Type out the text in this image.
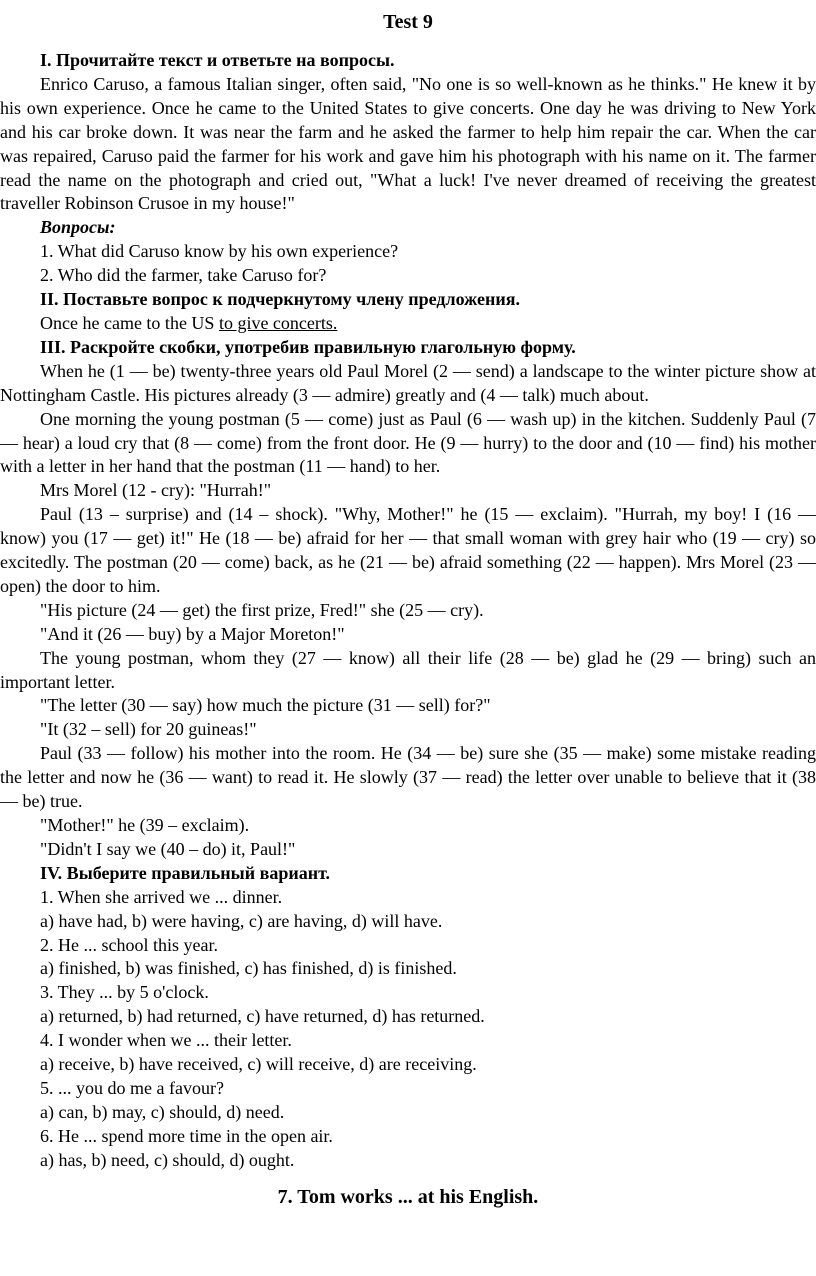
Test 9

I. Прочитайте текст и ответьте на вопросы.

Enrico Caruso, a famous Italian singer, often said, "No one is so well-known as he thinks." He knew it by his own experience. Once he came to the United States to give concerts. One day he was driving to New York and his car broke down. It was near the farm and he asked the farmer to help him repair the car. When the car was repaired, Caruso paid the farmer for his work and gave him his photograph with his name on it. The farmer read the name on the photograph and cried out, "What a luck! I've never dreamed of receiving the greatest traveller Robinson Crusoe in my house!"

Вопросы:

1. What did Caruso know by his own experience?

2. Who did the farmer, take Caruso for?

II. Поставьте вопрос к подчеркнутому члену предложения.

Once he came to the US to give concerts.

III. Раскройте скобки, употребив правильную глагольную форму.

When he (1 — be) twenty-three years old Paul Morel (2 — send) a landscape to the winter picture show at Nottingham Castle. His pictures already (3 — admire) greatly and (4 — talk) much about.

One morning the young postman (5 — come) just as Paul (6 — wash up) in the kitchen. Suddenly Paul (7 — hear) a loud cry that (8 — come) from the front door. He (9 — hurry) to the door and (10 — find) his mother with a letter in her hand that the postman (11 — hand) to her.

Mrs Morel (12 - cry): "Hurrah!"

Paul (13 – surprise) and (14 – shock). "Why, Mother!" he (15 — exclaim). "Hurrah, my boy! I (16 — know) you (17 — get) it!" He (18 — be) afraid for her — that small woman with grey hair who (19 — cry) so excitedly. The postman (20 — come) back, as he (21 — be) afraid something (22 — happen). Mrs Morel (23 — open) the door to him.

"His picture (24 — get) the first prize, Fred!" she (25 — cry).

"And it (26 — buy) by a Major Moreton!"

The young postman, whom they (27 — know) all their life (28 — be) glad he (29 — bring) such an important letter.

"The letter (30 — say) how much the picture (31 — sell) for?"

"It (32 – sell) for 20 guineas!"

Paul (33 — follow) his mother into the room. He (34 — be) sure she (35 — make) some mistake reading the letter and now he (36 — want) to read it. He slowly (37 — read) the letter over unable to believe that it (38 — be) true.

"Mother!" he (39 – exclaim).

"Didn't I say we (40 – do) it, Paul!"

IV. Выберите правильный вариант.

1. When she arrived we ... dinner.

a) have had, b) were having, c) are having, d) will have.

2. He ... school this year.

a) finished, b) was finished, c) has finished, d) is finished.

3. They ... by 5 o'clock.

a) returned, b) had returned, c) have returned, d) has returned.

4. I wonder when we ... their letter.

a) receive, b) have received, c) will receive, d) are receiving.

5. ... you do me a favour?

a) can, b) may, c) should, d) need.

6. He ... spend more time in the open air.

a) has, b) need, c) should, d) ought.

7. Tom works ... at his English.
